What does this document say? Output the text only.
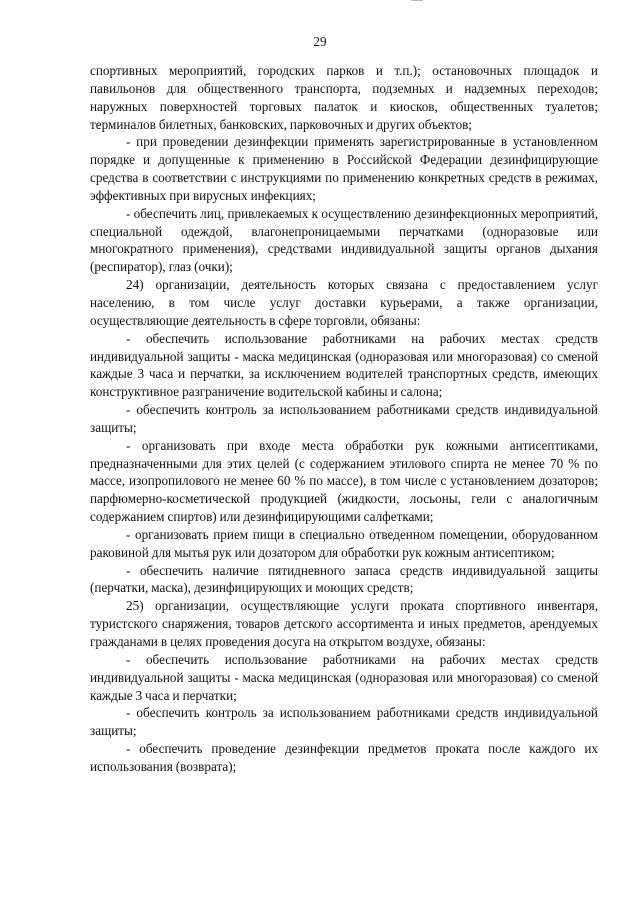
29

спортивных мероприятий, городских парков и т.п.); остановочных площадок и павильонов для общественного транспорта, подземных и надземных переходов; наружных поверхностей торговых палаток и киосков, общественных туалетов; терминалов билетных, банковских, парковочных и других объектов;

- при проведении дезинфекции применять зарегистрированные в установленном порядке и допущенные к применению в Российской Федерации дезинфицирующие средства в соответствии с инструкциями по применению конкретных средств в режимах, эффективных при вирусных инфекциях;

- обеспечить лиц, привлекаемых к осуществлению дезинфекционных мероприятий, специальной одеждой, влагонепроницаемыми перчатками (одноразовые или многократного применения), средствами индивидуальной защиты органов дыхания (респиратор), глаз (очки);

24) организации, деятельность которых связана с предоставлением услуг населению, в том числе услуг доставки курьерами, а также организации, осуществляющие деятельность в сфере торговли, обязаны:

- обеспечить использование работниками на рабочих местах средств индивидуальной защиты - маска медицинская (одноразовая или многоразовая) со сменой каждые 3 часа и перчатки, за исключением водителей транспортных средств, имеющих конструктивное разграничение водительской кабины и салона;

- обеспечить контроль за использованием работниками средств индивидуальной защиты;

- организовать при входе места обработки рук кожными антисептиками, предназначенными для этих целей (с содержанием этилового спирта не менее 70 % по массе, изопропилового не менее 60 % по массе), в том числе с установлением дозаторов; парфюмерно-косметической продукцией (жидкости, лосьоны, гели с аналогичным содержанием спиртов) или дезинфицирующими салфетками;

- организовать прием пищи в специально отведенном помещении, оборудованном раковиной для мытья рук или дозатором для обработки рук кожным антисептиком;

- обеспечить наличие пятидневного запаса средств индивидуальной защиты (перчатки, маска), дезинфицирующих и моющих средств;

25) организации, осуществляющие услуги проката спортивного инвентаря, туристского снаряжения, товаров детского ассортимента и иных предметов, арендуемых гражданами в целях проведения досуга на открытом воздухе, обязаны:

- обеспечить использование работниками на рабочих местах средств индивидуальной защиты - маска медицинская (одноразовая или многоразовая) со сменой каждые 3 часа и перчатки;

- обеспечить контроль за использованием работниками средств индивидуальной защиты;

- обеспечить проведение дезинфекции предметов проката после каждого их использования (возврата);
